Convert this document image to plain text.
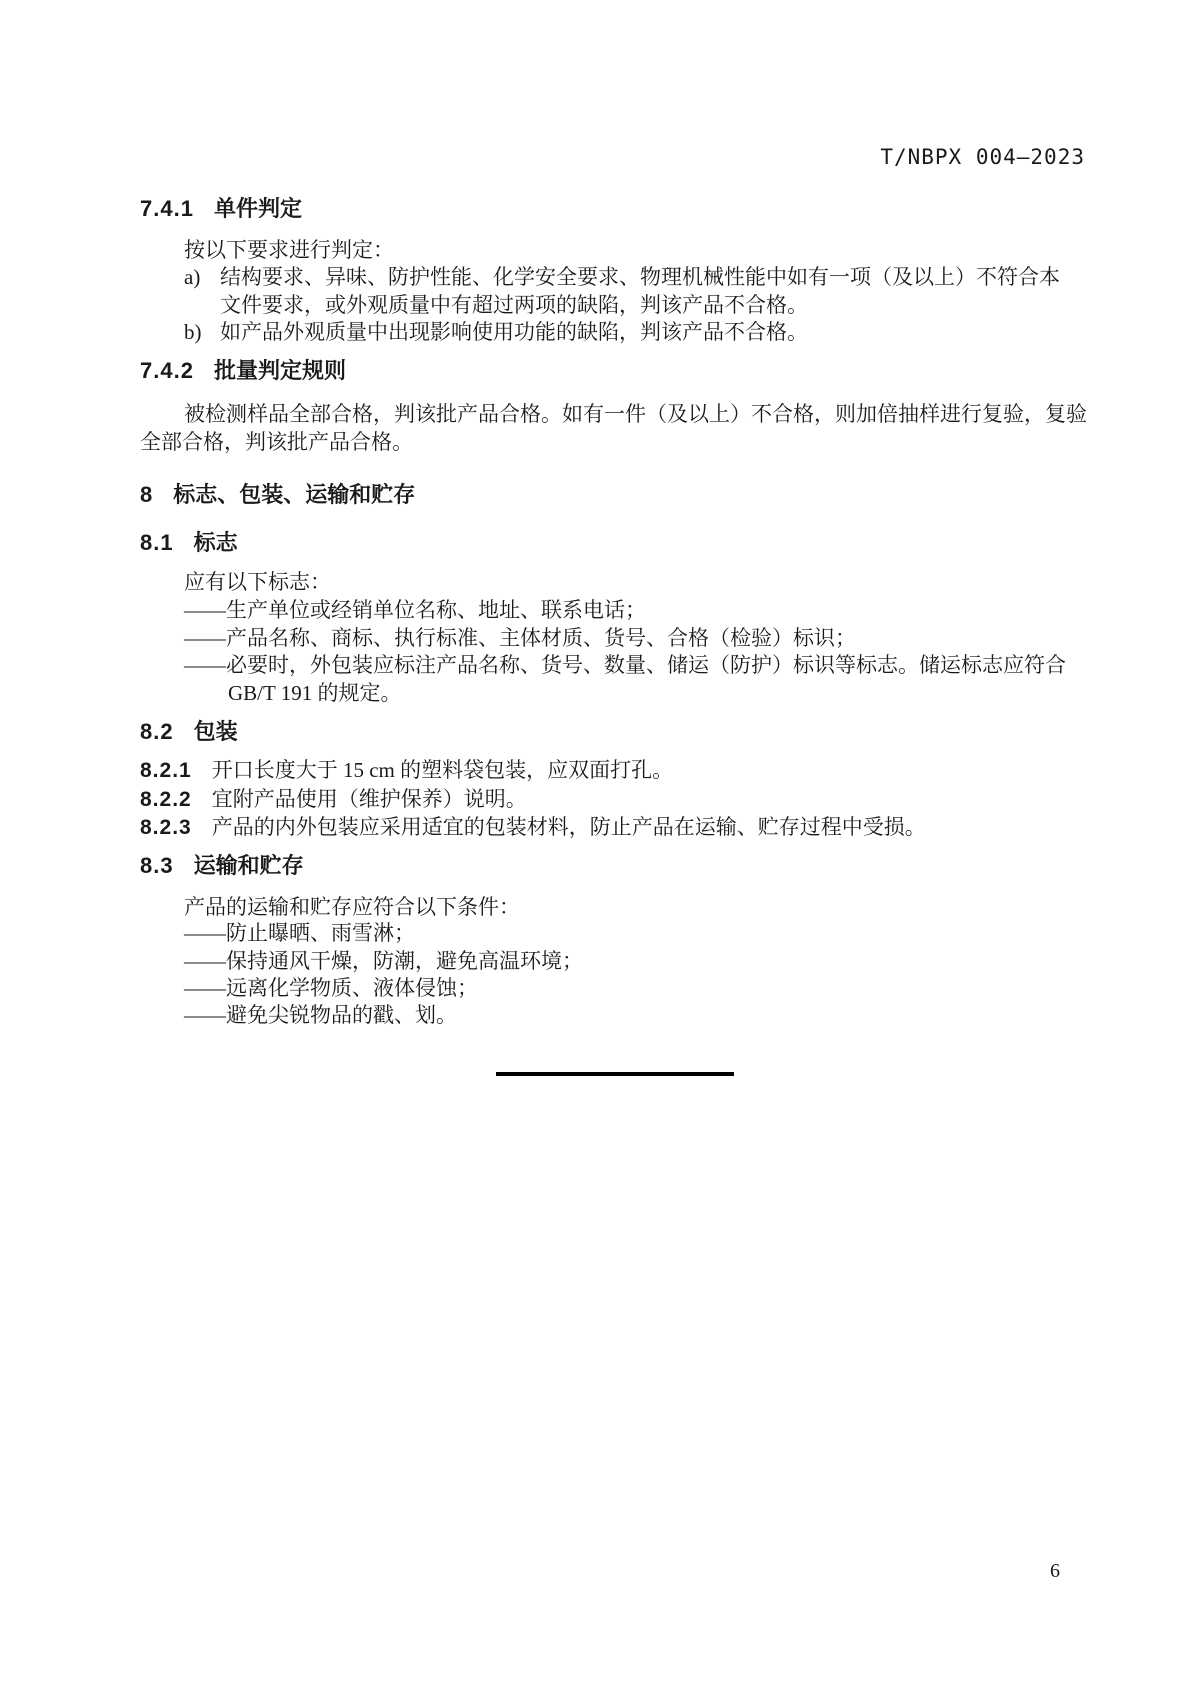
T/NBPX 004—2023
7.4.1 单件判定
按以下要求进行判定：
a) 结构要求、异味、防护性能、化学安全要求、物理机械性能中如有一项（及以上）不符合本
文件要求，或外观质量中有超过两项的缺陷，判该产品不合格。
b) 如产品外观质量中出现影响使用功能的缺陷，判该产品不合格。
7.4.2 批量判定规则
被检测样品全部合格，判该批产品合格。如有一件（及以上）不合格，则加倍抽样进行复验，复验
全部合格，判该批产品合格。
8 标志、包装、运输和贮存
8.1 标志
应有以下标志：
——生产单位或经销单位名称、地址、联系电话；
——产品名称、商标、执行标准、主体材质、货号、合格（检验）标识；
——必要时，外包装应标注产品名称、货号、数量、储运（防护）标识等标志。储运标志应符合
GB/T 191 的规定。
8.2 包装
8.2.1 开口长度大于 15 cm 的塑料袋包装，应双面打孔。
8.2.2 宜附产品使用（维护保养）说明。
8.2.3 产品的内外包装应采用适宜的包装材料，防止产品在运输、贮存过程中受损。
8.3 运输和贮存
产品的运输和贮存应符合以下条件：
——防止曝晒、雨雪淋；
——保持通风干燥，防潮，避免高温环境；
——远离化学物质、液体侵蚀；
——避免尖锐物品的戳、划。
6
